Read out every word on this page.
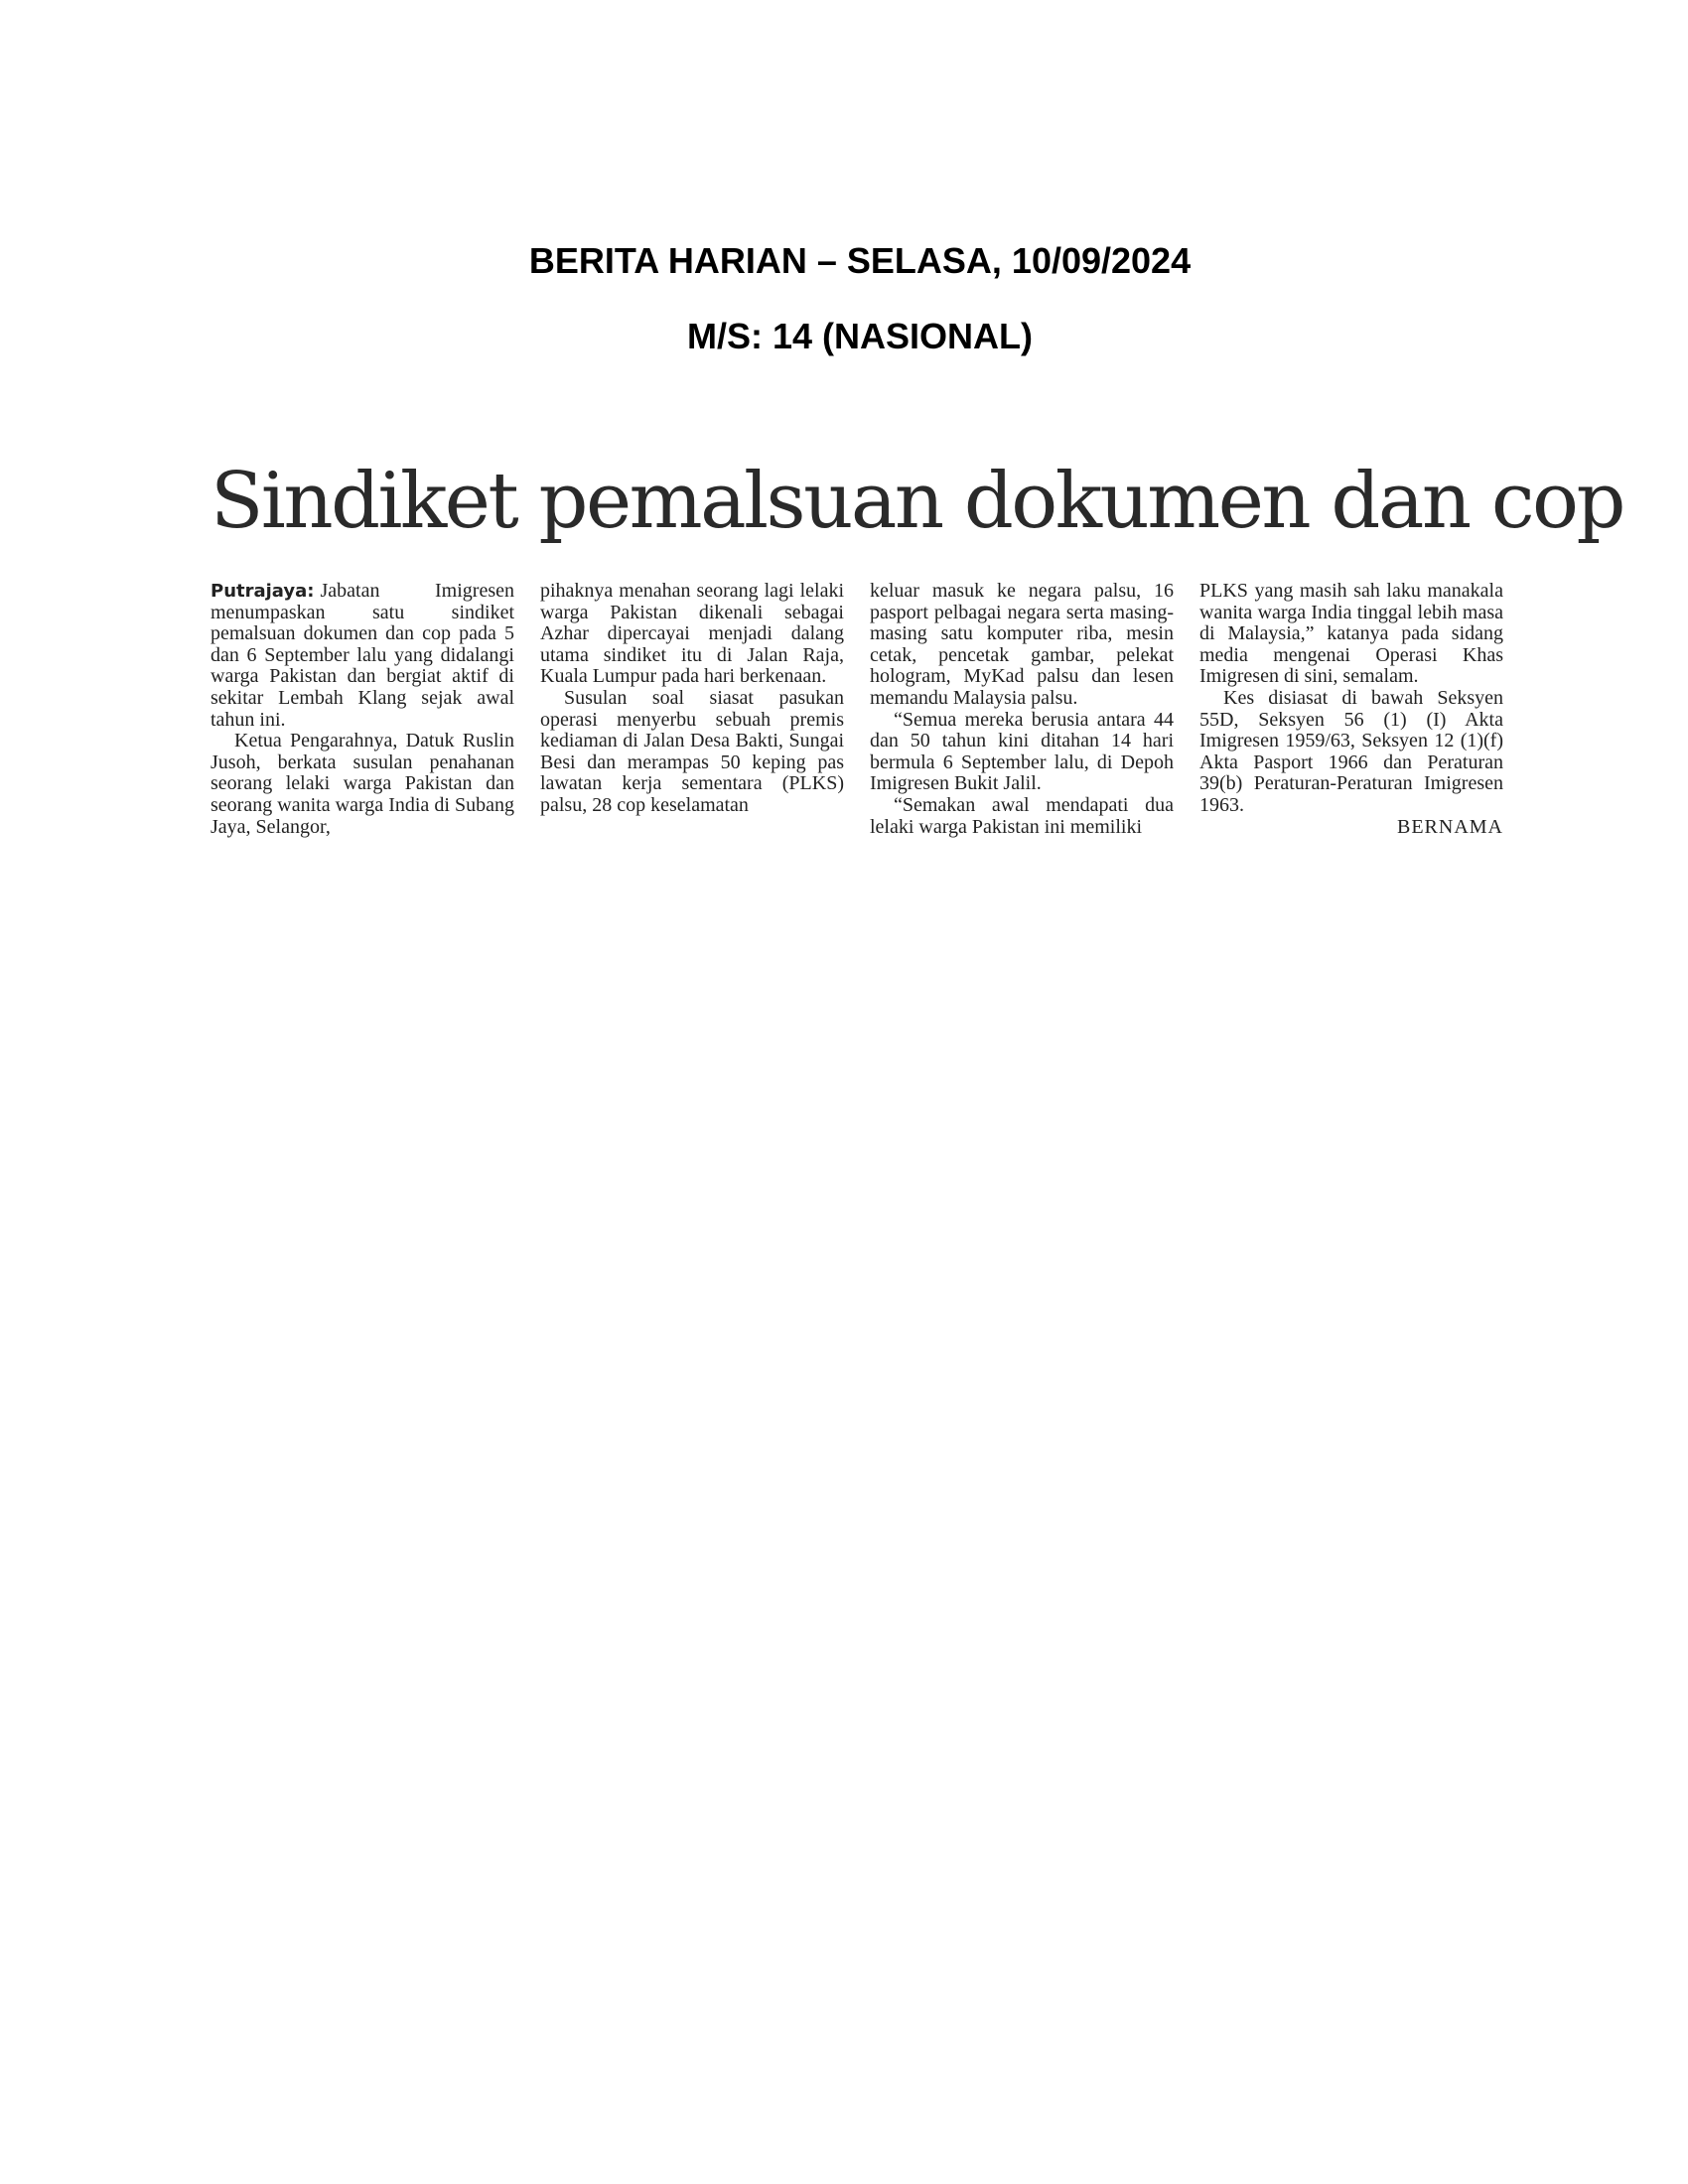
BERITA HARIAN – SELASA, 10/09/2024
M/S: 14 (NASIONAL)
Sindiket pemalsuan dokumen dan cop

Putrajaya: Jabatan Imigresen menumpaskan satu sindiket pemalsuan dokumen dan cop pada 5 dan 6 September lalu yang didalangi warga Pakistan dan bergiat aktif di sekitar Lembah Klang sejak awal tahun ini.

Ketua Pengarahnya, Datuk Ruslin Jusoh, berkata susulan penahanan seorang lelaki warga Pakistan dan seorang wanita warga India di Subang Jaya, Selangor,

pihaknya menahan seorang lagi lelaki warga Pakistan dikenali sebagai Azhar dipercayai menjadi dalang utama sindiket itu di Jalan Raja, Kuala Lumpur pada hari berkenaan.

Susulan soal siasat pasukan operasi menyerbu sebuah premis kediaman di Jalan Desa Bakti, Sungai Besi dan merampas 50 keping pas lawatan kerja sementara (PLKS) palsu, 28 cop keselamatan

keluar masuk ke negara palsu, 16 pasport pelbagai negara serta masing-masing satu komputer riba, mesin cetak, pencetak gambar, pelekat hologram, MyKad palsu dan lesen memandu Malaysia palsu.

“Semua mereka berusia antara 44 dan 50 tahun kini ditahan 14 hari bermula 6 September lalu, di Depoh Imigresen Bukit Jalil.

“Semakan awal mendapati dua lelaki warga Pakistan ini memiliki

PLKS yang masih sah laku manakala wanita warga India tinggal lebih masa di Malaysia,” katanya pada sidang media mengenai Operasi Khas Imigresen di sini, semalam.

Kes disiasat di bawah Seksyen 55D, Seksyen 56 (1) (I) Akta Imigresen 1959/63, Seksyen 12 (1)(f) Akta Pasport 1966 dan Peraturan 39(b) Peraturan-Peraturan Imigresen 1963.

BERNAMA
